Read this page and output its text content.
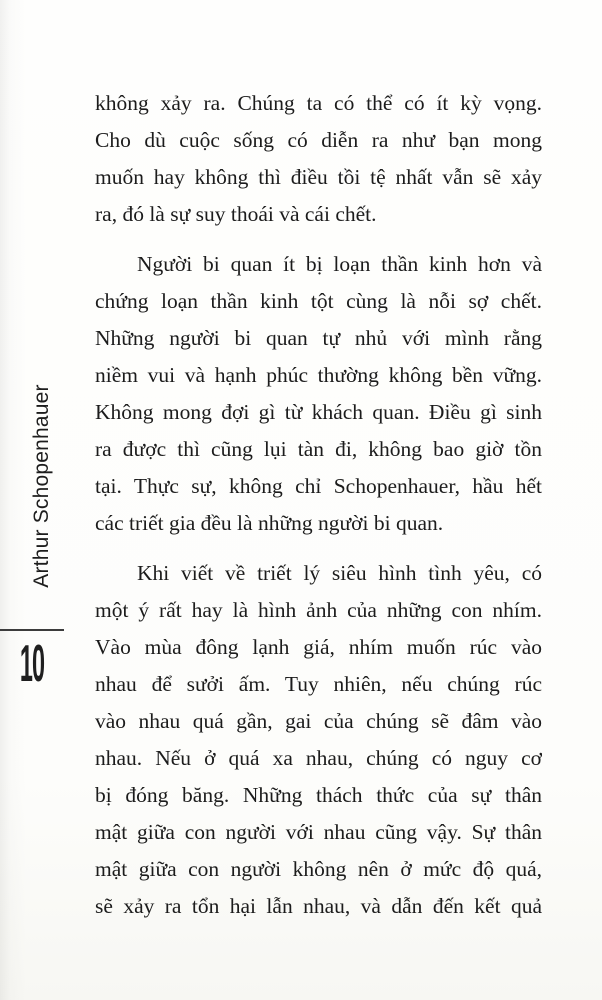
Arthur Schopenhauer
10
không xảy ra. Chúng ta có thể có ít kỳ vọng.
Cho dù cuộc sống có diễn ra như bạn mong
muốn hay không thì điều tồi tệ nhất vẫn sẽ xảy
ra, đó là sự suy thoái và cái chết.
Người bi quan ít bị loạn thần kinh hơn và
chứng loạn thần kinh tột cùng là nỗi sợ chết.
Những người bi quan tự nhủ với mình rằng
niềm vui và hạnh phúc thường không bền vững.
Không mong đợi gì từ khách quan. Điều gì sinh
ra được thì cũng lụi tàn đi, không bao giờ tồn
tại. Thực sự, không chỉ Schopenhauer, hầu hết
các triết gia đều là những người bi quan.
Khi viết về triết lý siêu hình tình yêu, có
một ý rất hay là hình ảnh của những con nhím.
Vào mùa đông lạnh giá, nhím muốn rúc vào
nhau để sưởi ấm. Tuy nhiên, nếu chúng rúc
vào nhau quá gần, gai của chúng sẽ đâm vào
nhau. Nếu ở quá xa nhau, chúng có nguy cơ
bị đóng băng. Những thách thức của sự thân
mật giữa con người với nhau cũng vậy. Sự thân
mật giữa con người không nên ở mức độ quá,
sẽ xảy ra tổn hại lẫn nhau, và dẫn đến kết quả
